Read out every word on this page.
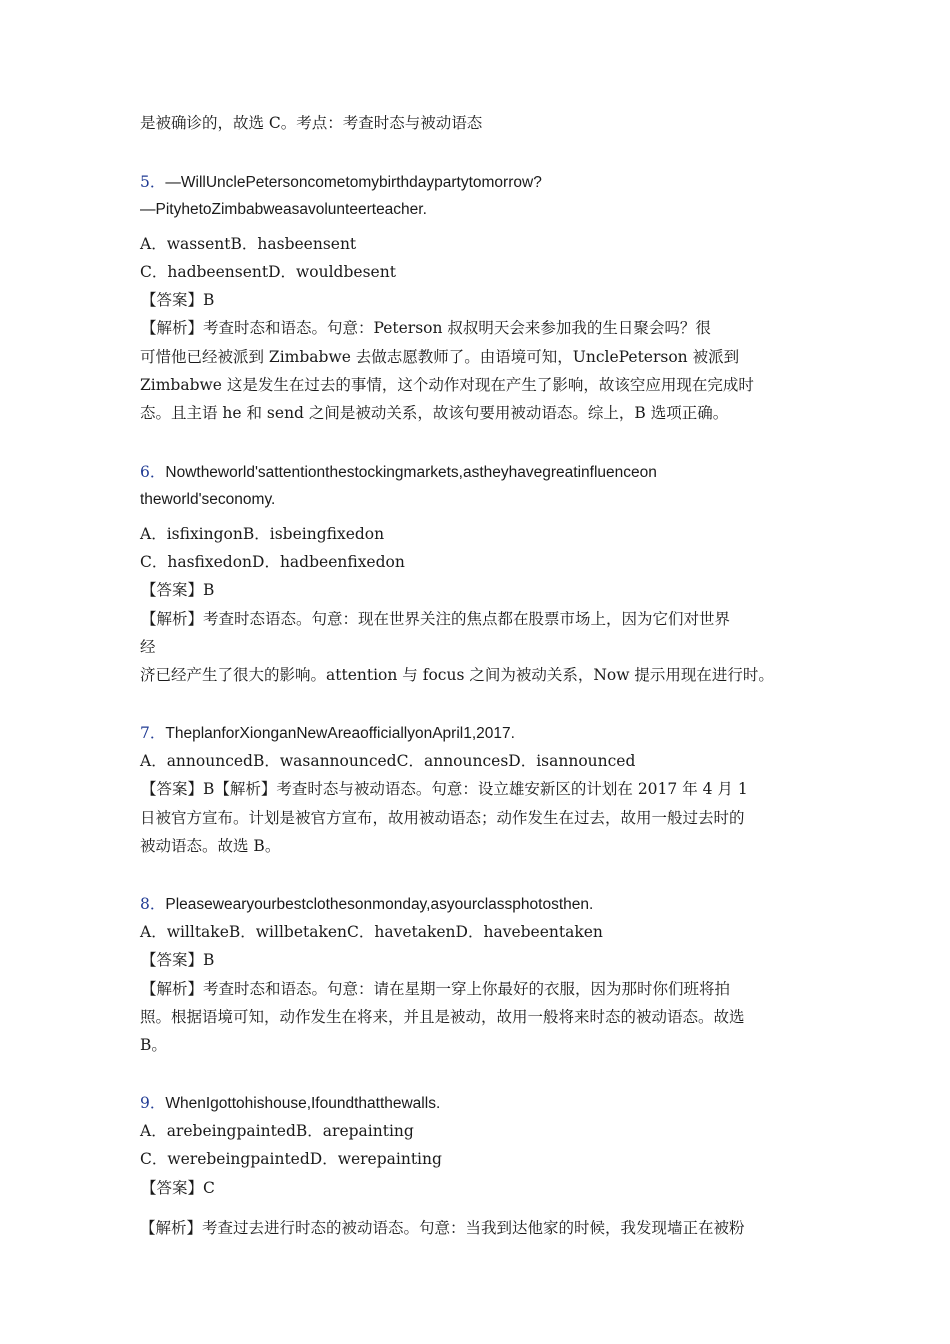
是被确诊的，故选 C。考点：考查时态与被动语态

5．—WillUnclePetersoncometomybirthdaypartytomorrow?

—PityhetoZimbabweasavolunteerteacher.

A．wassentB．hasbeensent

C．hadbeensentD．wouldbesent

【答案】B

【解析】考查时态和语态。句意：Peterson 叔叔明天会来参加我的生日聚会吗？很

可惜他已经被派到 Zimbabwe 去做志愿教师了。由语境可知，UnclePeterson 被派到

Zimbabwe 这是发生在过去的事情，这个动作对现在产生了影响，故该空应用现在完成时

态。且主语 he 和 send 之间是被动关系，故该句要用被动语态。综上，B 选项正确。

6．Nowtheworld'sattentionthestockingmarkets,astheyhavegreatinfluenceon

theworld'seconomy.

A．isfixingonB．isbeingfixedon

C．hasfixedonD．hadbeenfixedon

【答案】B

【解析】考查时态语态。句意：现在世界关注的焦点都在股票市场上，因为它们对世界

经

济已经产生了很大的影响。attention 与 focus 之间为被动关系，Now 提示用现在进行时。

7．TheplanforXionganNewAreaofficiallyonApril1,2017.

A．announcedB．wasannouncedC．announcesD．isannounced

【答案】B【解析】考查时态与被动语态。句意：设立雄安新区的计划在 2017 年 4 月 1

日被官方宣布。计划是被官方宣布，故用被动语态；动作发生在过去，故用一般过去时的

被动语态。故选 B。

8．Pleasewearyourbestclothesonmonday,asyourclassphotosthen.

A．willtakeB．willbetakenC．havetakenD．havebeentaken

【答案】B

【解析】考查时态和语态。句意：请在星期一穿上你最好的衣服，因为那时你们班将拍

照。根据语境可知，动作发生在将来，并且是被动，故用一般将来时态的被动语态。故选

B。

9．WhenIgottohishouse,Ifoundthatthewalls.

A．arebeingpaintedB．arepainting

C．werebeingpaintedD．werepainting

【答案】C

【解析】考查过去进行时态的被动语态。句意：当我到达他家的时候，我发现墙正在被粉
